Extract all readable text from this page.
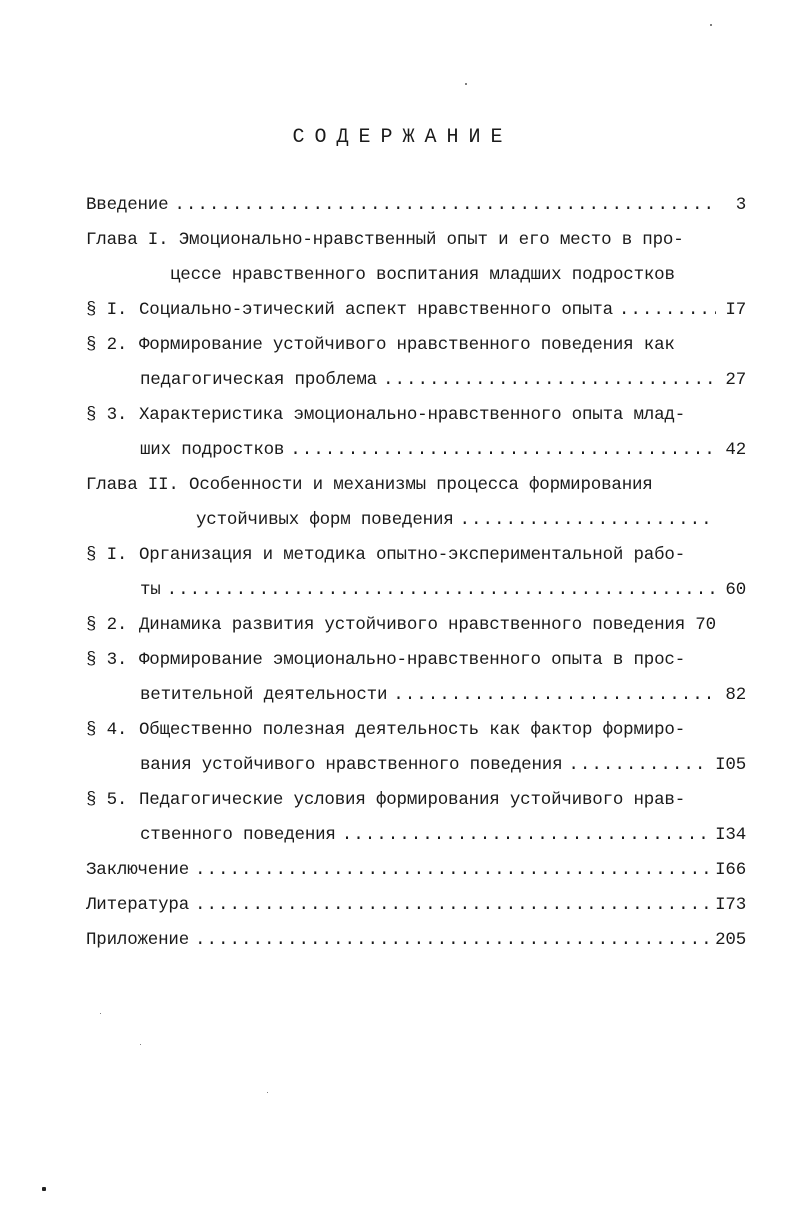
СОДЕРЖАНИЕ
Введение .....	3
Глава I. Эмоционально-нравственный опыт и его место в про-
цессе нравственного воспитания младших подростков
§ I. Социально-этический аспект нравственного опыта .....	I7
§ 2. Формирование устойчивого нравственного поведения как
педагогическая проблема .....	27
§ 3. Характеристика эмоционально-нравственного опыта млад-
ших подростков .....	42
Глава II. Особенности и механизмы процесса формирования
устойчивых форм поведения
.....
§ I. Организация и методика опытно-экспериментальной рабо-
ты .....	60
§ 2. Динамика развития устойчивого нравственного поведения 70
§ 3. Формирование эмоционально-нравственного опыта в прос-
ветительной деятельности .....	82
§ 4. Общественно полезная деятельность как фактор формиро-
вания устойчивого нравственного поведения .....	I05
§ 5. Педагогические условия формирования устойчивого нрав-
ственного поведения .....	I34
Заключение .....	I66
Литература .....	I73
Приложение .....	205
